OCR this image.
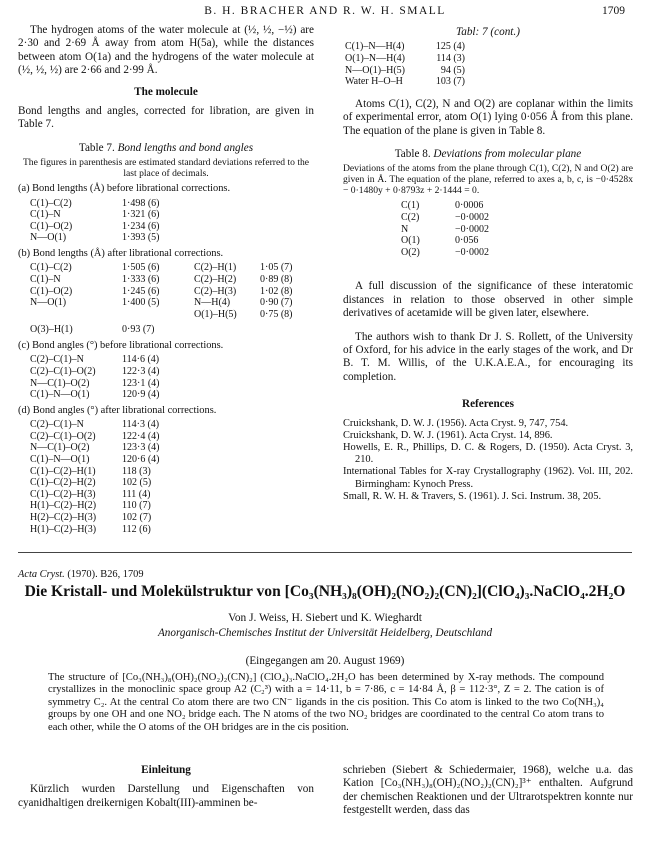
B. H. BRACHER AND R. W. H. SMALL	1709

The hydrogen atoms of the water molecule at (½, ½, −½) are 2·30 and 2·69 Å away from atom H(5a), while the distances between atom O(1a) and the hydrogens of the water molecule at (½, ½, ½) are 2·66 and 2·99 Å.

The molecule

Bond lengths and angles, corrected for libration, are given in Table 7.

Table 7. Bond lengths and bond angles
The figures in parenthesis are estimated standard deviations referred to the last place of decimals.
(a) Bond lengths (Å) before librational corrections.
C(1)–C(2)	1·498 (6)
C(1)–N	1·321 (6)
C(1)–O(2)	1·234 (6)
N—O(1)	1·393 (5)
(b) Bond lengths (Å) after librational corrections.
C(1)–C(2)	1·505 (6)	C(2)–H(1)	1·05 (7)
C(1)–N	1·333 (6)	C(2)–H(2)	0·89 (8)
C(1)–O(2)	1·245 (6)	C(2)–H(3)	1·02 (8)
N—O(1)	1·400 (5)	N—H(4)	0·90 (7)
		O(1)–H(5)	0·75 (8)
O(3)–H(1)	0·93 (7)
(c) Bond angles (°) before librational corrections.
C(2)–C(1)–N	114·6 (4)
C(2)–C(1)–O(2)	122·3 (4)
N—C(1)–O(2)	123·1 (4)
C(1)–N—O(1)	120·9 (4)
(d) Bond angles (°) after librational corrections.
C(2)–C(1)–N	114·3 (4)
C(2)–C(1)–O(2)	122·4 (4)
N—C(1)–O(2)	123·3 (4)
C(1)–N—O(1)	120·6 (4)
C(1)–C(2)–H(1)	118 (3)
C(1)–C(2)–H(2)	102 (5)
C(1)–C(2)–H(3)	111 (4)
H(1)–C(2)–H(2)	110 (7)
H(2)–C(2)–H(3)	102 (7)
H(1)–C(2)–H(3)	112 (6)
Tabl: 7 (cont.)
C(1)–N—H(4)	125 (4)
O(1)–N—H(4)	114 (3)
N—O(1)–H(5)	94 (5)
Water H–O–H	103 (7)

Atoms C(1), C(2), N and O(2) are coplanar within the limits of experimental error, atom O(1) lying 0·056 Å from this plane. The equation of the plane is given in Table 8.

Table 8. Deviations from molecular plane
Deviations of the atoms from the plane through C(1), C(2), N and O(2) are given in Å. The equation of the plane, referred to axes a, b, c, is −0·4528x − 0·1480y + 0·8793z + 2·1444 = 0.
C(1)	0·0006
C(2)	−0·0002
N	−0·0002
O(1)	0·056
O(2)	−0·0002

A full discussion of the significance of these interatomic distances in relation to those observed in other simple derivatives of acetamide will be given later, elsewhere.

The authors wish to thank Dr J. S. Rollett, of the University of Oxford, for his advice in the early stages of the work, and Dr B. T. M. Willis, of the U.K.A.E.A., for encouraging its completion.

References
Cruickshank, D. W. J. (1956). Acta Cryst. 9, 747, 754.
Cruickshank, D. W. J. (1961). Acta Cryst. 14, 896.
Howells, E. R., Phillips, D. C. & Rogers, D. (1950). Acta Cryst. 3, 210.
International Tables for X-ray Crystallography (1962). Vol. III, 202. Birmingham: Kynoch Press.
Small, R. W. H. & Travers, S. (1961). J. Sci. Instrum. 38, 205.
Acta Cryst. (1970). B26, 1709
Die Kristall- und Molekülstruktur von [Co₃(NH₃)₈(OH)₂(NO₂)₂(CN)₂](ClO₄)₃.NaClO₄.2H₂O
Von J. Weiss, H. Siebert und K. Wieghardt
Anorganisch-Chemisches Institut der Universität Heidelberg, Deutschland
(Eingegangen am 20. August 1969)
The structure of [Co₃(NH₃)₈(OH)₂(NO₂)₂(CN)₂] (ClO₄)₃.NaClO₄.2H₂O has been determined by X-ray methods. The compound crystallizes in the monoclinic space group A2 (C₂³) with a = 14·11, b = 7·86, c = 14·84 Å, β = 112·3°, Z = 2. The cation is of symmetry C₂. At the central Co atom there are two CN⁻ ligands in the cis position. This Co atom is linked to the two Co(NH₃)₄ groups by one OH and one NO₂ bridge each. The N atoms of the two NO₂ bridges are coordinated to the central Co atom trans to each other, while the O atoms of the OH bridges are in the cis position.
Einleitung

Kürzlich wurden Darstellung und Eigenschaften von cyanidhaltigen dreikernigen Kobalt(III)-amminen be-

schrieben (Siebert & Schiedermaier, 1968), welche u.a. das Kation [Co₃(NH₃)₈(OH)₂(NO₂)₂(CN)₂]³⁺ enthalten. Aufgrund der chemischen Reaktionen und der Ultrarotspektren konnte nur festgestellt werden, dass das
